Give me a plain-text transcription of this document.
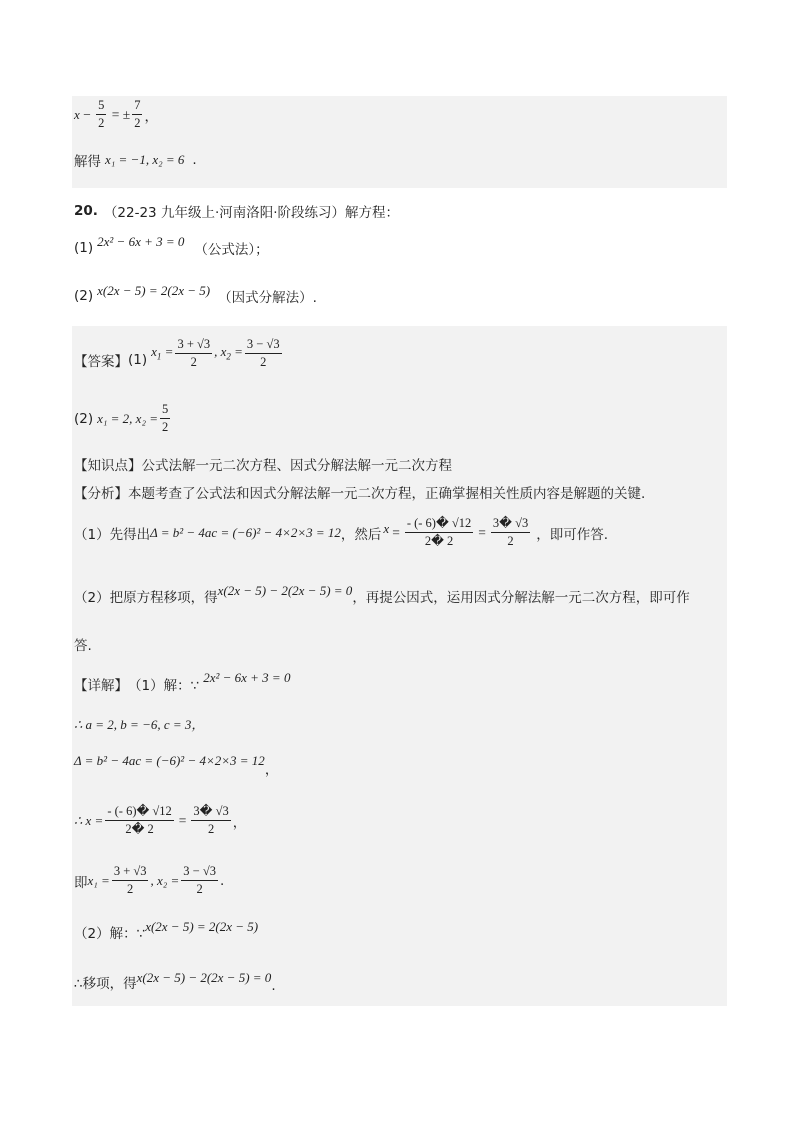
$x - \frac{5}{2}$ = ± $\frac{7}{2}$ ，
解得 x₁ = −1, x₂ = 6 .
20. （22-23 九年级上·河南洛阳·阶段练习） 解方程：
(1) 2x² − 6x + 3 = 0
（公式法）；
(2) x(2x − 5) = 2(2x − 5) （因式分解法）.
【答案】 (1)
$x_1 = \frac{3 + √3}{2}$ , $x_2 = \frac{3 - √3}{2}$
(2) x₁ = 2, $x_2 = \frac{5}{2}$
【知识点】 公式法解一元二次方程、因式分解法解一元二次方程
【分析】 本题考查了公式法和因式分解法解一元二次方程，正确掌握相关性质内容是解题的关键.
（1）先得出 Δ = b² − 4ac = (−6)² − 4×2×3 = 12 ，然后 $x = \frac{- (- 6)� √12}{2� 2} = \frac{3� √3}{2}$ ，即可作答.
（2）把原方程移项，得 x(2x − 5) − 2(2x − 5) = 0 ，再提公因式，运用因式分解法解一元二次方程，即可作
答.
【详解】 （1）解：∵
2x² − 6x + 3 = 0
∴ a = 2, b = −6, c = 3，
Δ = b² − 4ac = (−6)² − 4×2×3 = 12
，
∴ $x = \frac{- (- 6)� √12}{2� 2} = \frac{3� √3}{2}$ ，
即 $x_1 = \frac{3 + √3}{2}$ , $x_2 = \frac{3 - √3}{2}$ .
（2）解：∵ x(2x − 5) = 2(2x − 5)
∴移项，得 x(2x − 5) − 2(2x − 5) = 0
.
